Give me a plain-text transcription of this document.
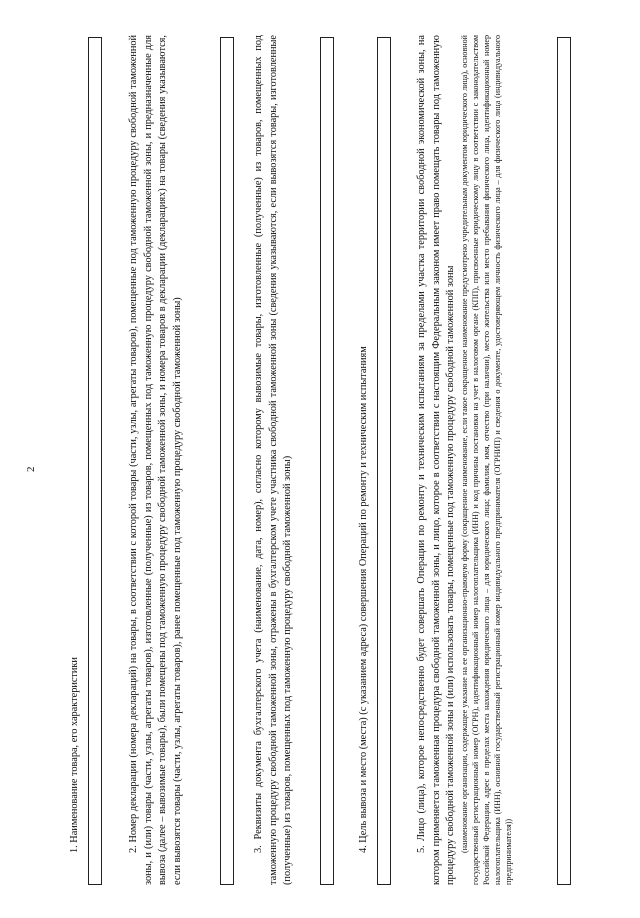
2

1. Наименование товара, его характеристики	2. Номер декларации (номера деклараций) на товары, в соответствии с которой товары (части, узлы, агрегаты товаров), помещенные под таможенную процедуру свободной таможенной зоны, и (или) товары (части, узлы, агрегаты товаров), изготовленные (полученные) из товаров, помещенных под таможенную процедуру свободной таможенной зоны, и предназначенные для вывоза (далее – вывозимые товары), были помещены под таможенную процедуру свободной таможенной зоны, и номера товаров в декларации (декларациях) на товары (сведения указываются, если вывозятся товары (части, узлы, агрегаты товаров), ранее помещенные под таможенную процедуру свободной таможенной зоны)	3. Реквизиты документа бухгалтерского учета (наименование, дата, номер), согласно которому вывозимые товары, изготовленные (полученные) из товаров, помещенных под таможенную процедуру свободной таможенной зоны, отражены в бухгалтерском учете участника свободной таможенной зоны (сведения указываются, если вывозятся товары, изготовленные (полученные) из товаров, помещенных под таможенную процедуру свободной таможенной зоны)	4. Цель вывоза и место (места) (с указанием адреса) совершения Операций по ремонту и техническим испытаниям	5. Лицо (лица), которое непосредственно будет совершать Операции по ремонту и техническим испытаниям за пределами участка территории свободной экономической зоны, на котором применяется таможенная процедура свободной таможенной зоны, и лицо, которое в соответствии с настоящим Федеральным законом имеет право помещать товары под таможенную процедуру свободной таможенной зоны и (или) использовать товары, помещенные под таможенную процедуру свободной таможенной зоны (наименование организации, содержащее указание на ее организационно-правовую форму (сокращенное наименование, если такое сокращенное наименование предусмотрено учредительным документом юридического лица), основной государственный регистрационный номер (ОГРН), идентификационный номер налогоплательщика (ИНН) и код причины постановки на учет в налоговом органе (КПП), присвоенные юридическому лицу в соответствии с законодательством Российской Федерации, адрес в пределах места нахождения юридического лица – для юридического лица; фамилия, имя, отчество (при наличии), место жительства или место пребывания физического лица, идентификационный номер налогоплательщика (ИНН), основной государственный регистрационный номер индивидуального предпринимателя (ОГРНИП) и сведения о документе, удостоверяющем личность физического лица – для физического лица (индивидуального предпринимателя))
